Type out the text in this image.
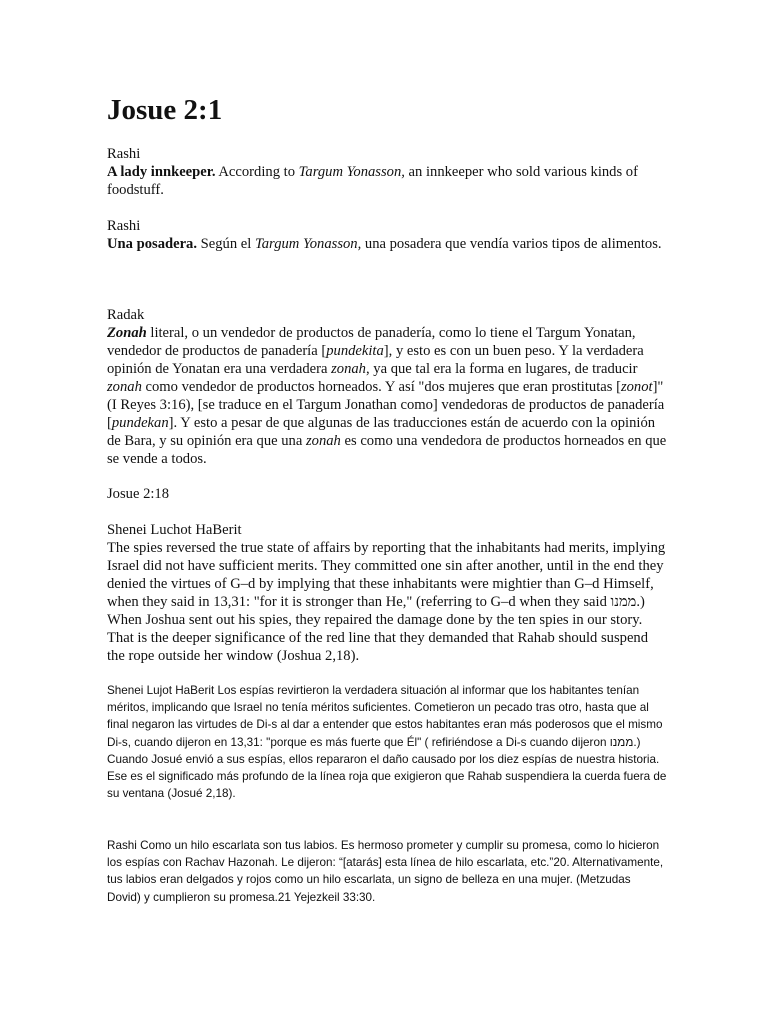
Josue 2:1

Rashi
A lady innkeeper. According to Targum Yonasson, an innkeeper who sold various kinds of foodstuff.

Rashi
Una posadera. Según el Targum Yonasson, una posadera que vendía varios tipos de alimentos.

Radak
Zonah literal, o un vendedor de productos de panadería, como lo tiene el Targum Yonatan, vendedor de productos de panadería [pundekita], y esto es con un buen peso. Y la verdadera opinión de Yonatan era una verdadera zonah, ya que tal era la forma en lugares, de traducir zonah como vendedor de productos horneados. Y así "dos mujeres que eran prostitutas [zonot]" (I Reyes 3:16), [se traduce en el Targum Jonathan como] vendedoras de productos de panadería [pundekan]. Y esto a pesar de que algunas de las traducciones están de acuerdo con la opinión de Bara, y su opinión era que una zonah es como una vendedora de productos horneados en que se vende a todos.

Josue 2:18

Shenei Luchot HaBerit
The spies reversed the true state of affairs by reporting that the inhabitants had merits, implying Israel did not have sufficient merits. They committed one sin after another, until in the end they denied the virtues of G–d by implying that these inhabitants were mightier than G–d Himself, when they said in 13,31: "for it is stronger than He," (referring to G–d when they said ממנו.) When Joshua sent out his spies, they repaired the damage done by the ten spies in our story. That is the deeper significance of the red line that they demanded that Rahab should suspend the rope outside her window (Joshua 2,18).

Shenei Lujot HaBerit Los espías revirtieron la verdadera situación al informar que los habitantes tenían méritos, implicando que Israel no tenía méritos suficientes. Cometieron un pecado tras otro, hasta que al final negaron las virtudes de Di-s al dar a entender que estos habitantes eran más poderosos que el mismo Di-s, cuando dijeron en 13,31: "porque es más fuerte que Él" ( refiriéndose a Di-s cuando dijeron ממנו.) Cuando Josué envió a sus espías, ellos repararon el daño causado por los diez espías de nuestra historia. Ese es el significado más profundo de la línea roja que exigieron que Rahab suspendiera la cuerda fuera de su ventana (Josué 2,18).

Rashi Como un hilo escarlata son tus labios. Es hermoso prometer y cumplir su promesa, como lo hicieron los espías con Rachav Hazonah. Le dijeron: “[atarás] esta línea de hilo escarlata, etc.”20. Alternativamente, tus labios eran delgados y rojos como un hilo escarlata, un signo de belleza en una mujer. (Metzudas Dovid) y cumplieron su promesa.21 Yejezkeil 33:30.
